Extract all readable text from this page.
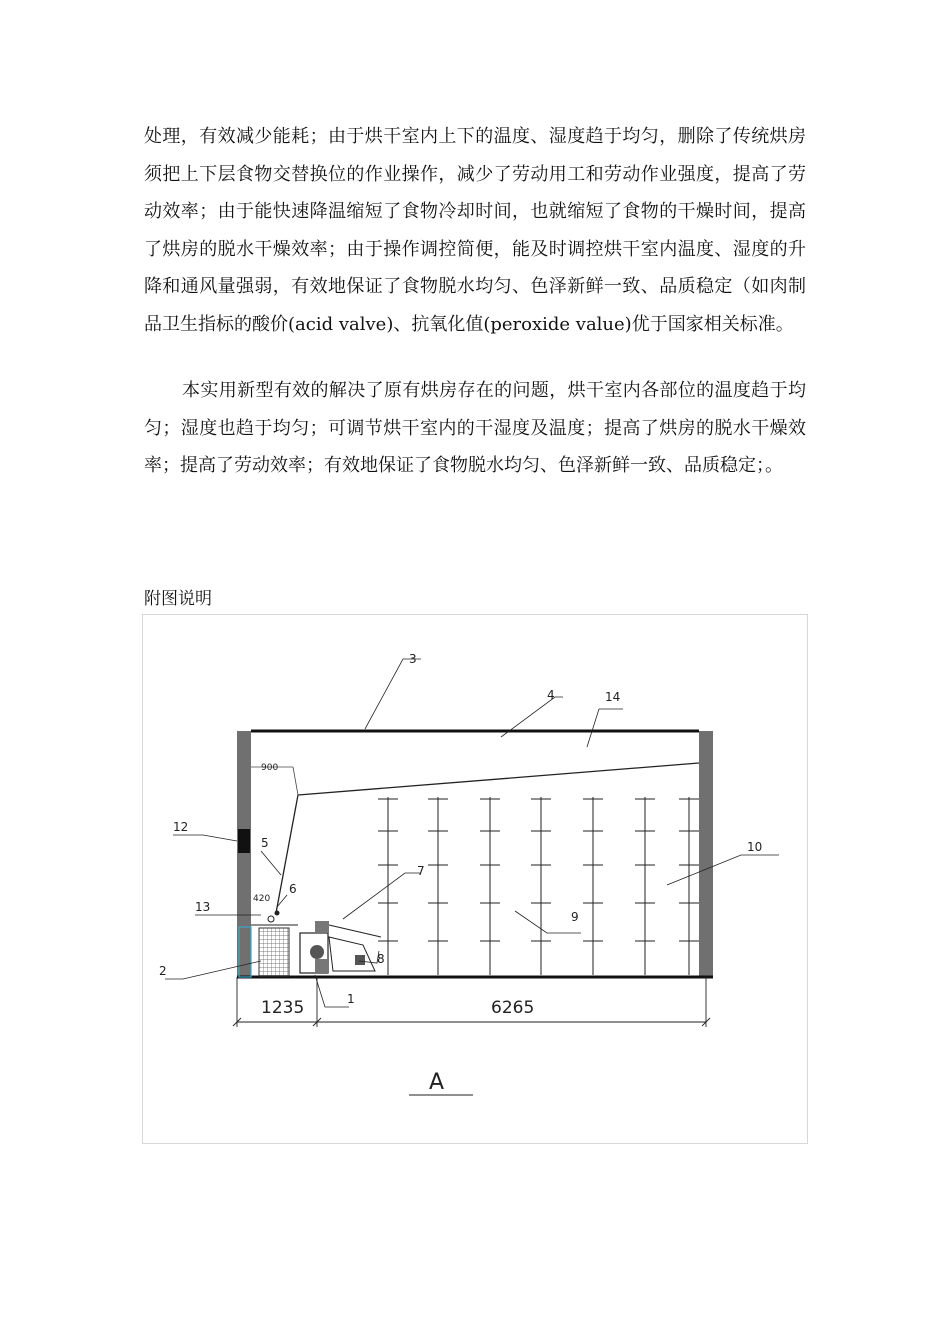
处理，有效减少能耗；由于烘干室内上下的温度、湿度趋于均匀，删除了传统烘房须把上下层食物交替换位的作业操作，减少了劳动用工和劳动作业强度，提高了劳动效率；由于能快速降温缩短了食物冷却时间，也就缩短了食物的干燥时间，提高了烘房的脱水干燥效率；由于操作调控简便，能及时调控烘干室内温度、湿度的升降和通风量强弱，有效地保证了食物脱水均匀、色泽新鲜一致、品质稳定（如肉制品卫生指标的酸价(acid valve)、抗氧化值(peroxide value)优于国家相关标准。

本实用新型有效的解决了原有烘房存在的问题，烘干室内各部位的温度趋于均匀；湿度也趋于均匀；可调节烘干室内的干湿度及温度；提高了烘房的脱水干燥效率；提高了劳动效率；有效地保证了食物脱水均匀、色泽新鲜一致、品质稳定；。

附图说明

3
4	14
900
12
5
420
6
13
7
9
10
8
2
1
1235	6265
A
